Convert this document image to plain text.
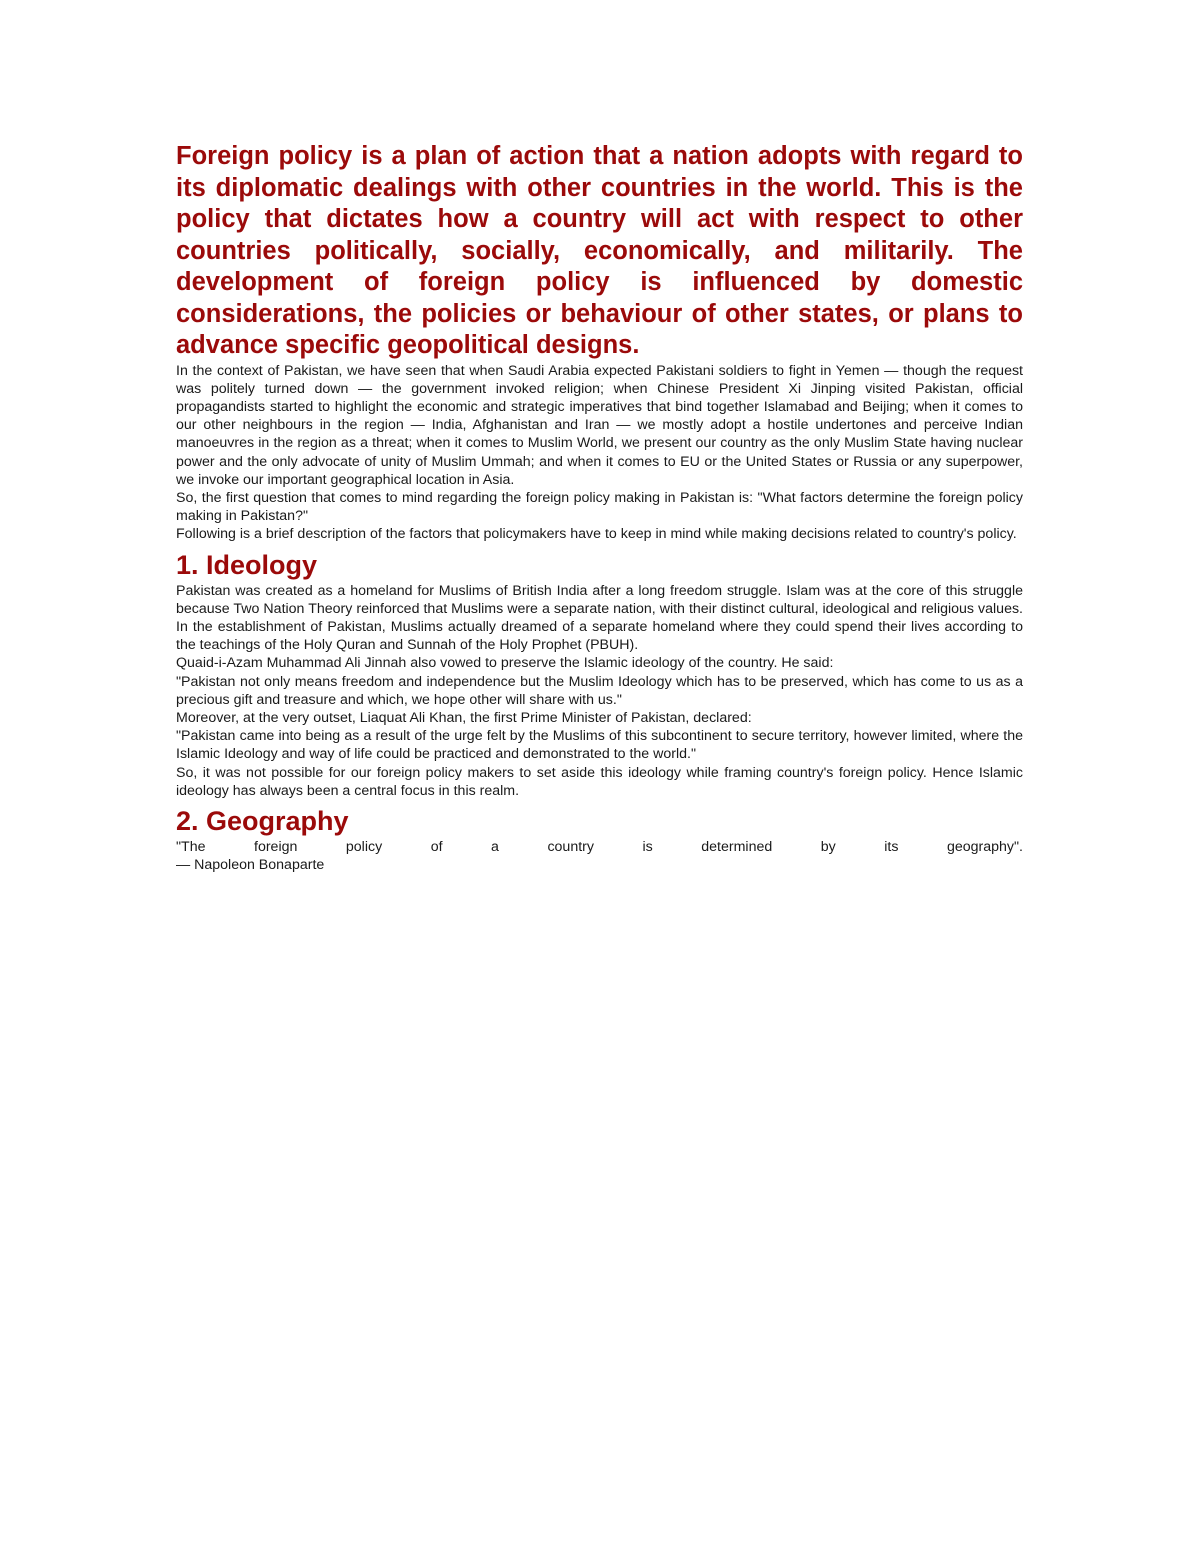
Foreign policy is a plan of action that a nation adopts with regard to its diplomatic dealings with other countries in the world. This is the policy that dictates how a country will act with respect to other countries politically, socially, economically, and militarily. The development of foreign policy is influenced by domestic considerations, the policies or behaviour of other states, or plans to advance specific geopolitical designs.

In the context of Pakistan, we have seen that when Saudi Arabia expected Pakistani soldiers to fight in Yemen — though the request was politely turned down — the government invoked religion; when Chinese President Xi Jinping visited Pakistan, official propagandists started to highlight the economic and strategic imperatives that bind together Islamabad and Beijing; when it comes to our other neighbours in the region — India, Afghanistan and Iran — we mostly adopt a hostile undertones and perceive Indian manoeuvres in the region as a threat; when it comes to Muslim World, we present our country as the only Muslim State having nuclear power and the only advocate of unity of Muslim Ummah; and when it comes to EU or the United States or Russia or any superpower, we invoke our important geographical location in Asia.

So, the first question that comes to mind regarding the foreign policy making in Pakistan is: "What factors determine the foreign policy making in Pakistan?"

Following is a brief description of the factors that policymakers have to keep in mind while making decisions related to country's policy.

1. Ideology

Pakistan was created as a homeland for Muslims of British India after a long freedom struggle. Islam was at the core of this struggle because Two Nation Theory reinforced that Muslims were a separate nation, with their distinct cultural, ideological and religious values. In the establishment of Pakistan, Muslims actually dreamed of a separate homeland where they could spend their lives according to the teachings of the Holy Quran and Sunnah of the Holy Prophet (PBUH).

Quaid-i-Azam Muhammad Ali Jinnah also vowed to preserve the Islamic ideology of the country. He said:

"Pakistan not only means freedom and independence but the Muslim Ideology which has to be preserved, which has come to us as a precious gift and treasure and which, we hope other will share with us."

Moreover, at the very outset, Liaquat Ali Khan, the first Prime Minister of Pakistan, declared:

"Pakistan came into being as a result of the urge felt by the Muslims of this subcontinent to secure territory, however limited, where the Islamic Ideology and way of life could be practiced and demonstrated to the world."

So, it was not possible for our foreign policy makers to set aside this ideology while framing country's foreign policy. Hence Islamic ideology has always been a central focus in this realm.

2. Geography

"The foreign policy of a country is determined by its geography".

— Napoleon Bonaparte
